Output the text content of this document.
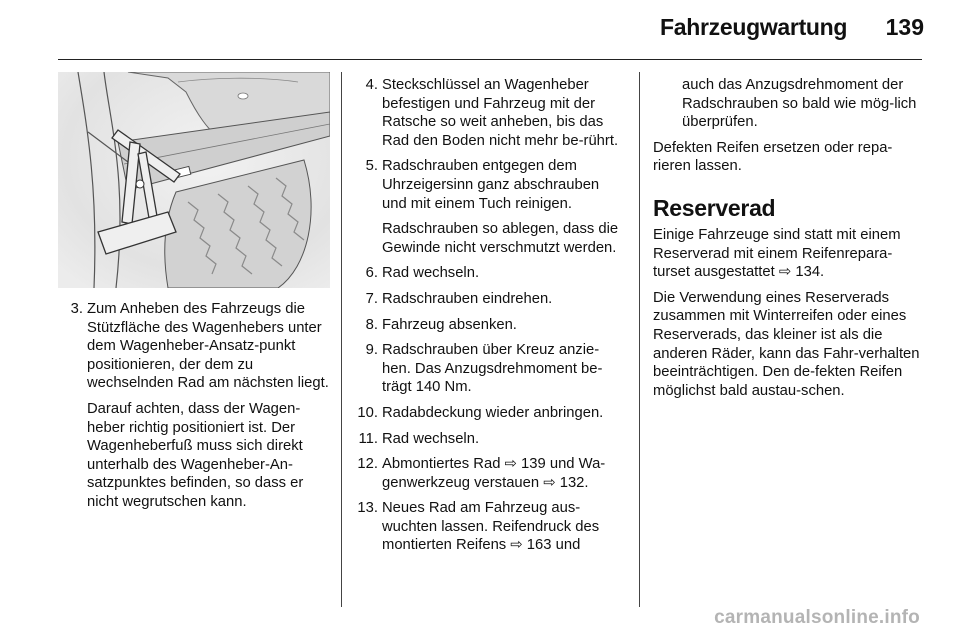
Fahrzeugwartung 139
3. Zum Anheben des Fahrzeugs die Stützfläche des Wagenhebers unter dem Wagenheber-Ansatz-punkt positionieren, der dem zu wechselnden Rad am nächsten liegt.
Darauf achten, dass der Wagen-heber richtig positioniert ist. Der Wagenheberfuß muss sich direkt unterhalb des Wagenheber-An-satzpunktes befinden, so dass er nicht wegrutschen kann.
4. Steckschlüssel an Wagenheber befestigen und Fahrzeug mit der Ratsche so weit anheben, bis das Rad den Boden nicht mehr be-rührt.
5. Radschrauben entgegen dem Uhrzeigersinn ganz abschrauben und mit einem Tuch reinigen.
Radschrauben so ablegen, dass die Gewinde nicht verschmutzt werden.
6. Rad wechseln.
7. Radschrauben eindrehen.
8. Fahrzeug absenken.
9. Radschrauben über Kreuz anzie-hen. Das Anzugsdrehmoment be-trägt 140 Nm.
10. Radabdeckung wieder anbringen.
11. Rad wechseln.
12. Abmontiertes Rad ⇨ 139 und Wa-genwerkzeug verstauen ⇨ 132.
13. Neues Rad am Fahrzeug aus-wuchten lassen. Reifendruck des montierten Reifens ⇨ 163 und
auch das Anzugsdrehmoment der Radschrauben so bald wie mög-lich überprüfen.

Defekten Reifen ersetzen oder repa-rieren lassen.

Reserverad

Einige Fahrzeuge sind statt mit einem Reserverad mit einem Reifenrepara-turset ausgestattet ⇨ 134.

Die Verwendung eines Reserverads zusammen mit Winterreifen oder eines Reserverads, das kleiner ist als die anderen Räder, kann das Fahr-verhalten beeinträchtigen. Den de-fekten Reifen möglichst bald austau-schen.

carmanualsonline.info
